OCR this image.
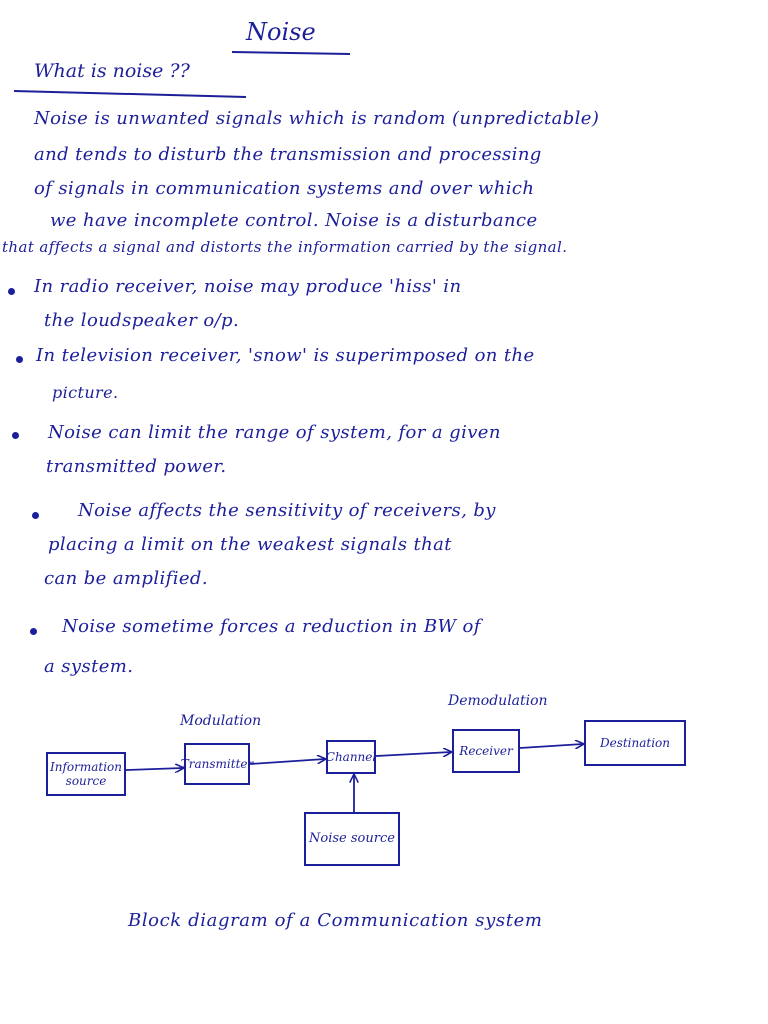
Noise
What is noise ??
Noise is unwanted signals which is random (unpredictable)
and tends to disturb the transmission and processing
of signals in communication systems and over which
we have incomplete control. Noise is a disturbance
that affects a signal and distorts the information carried by the signal.
In radio receiver, noise may produce 'hiss' in
the loudspeaker o/p.
In television receiver, 'snow' is superimposed on the
picture.
Noise can limit the range of system, for a given
transmitted power.
Noise affects the sensitivity of receivers, by
placing a limit on the weakest signals that
can be amplified.
Noise sometime forces a reduction in BW of
a system.
Modulation
Demodulation
Information source
Transmitter	Channel	Receiver
Destination
Noise source
Block diagram of a Communication system
